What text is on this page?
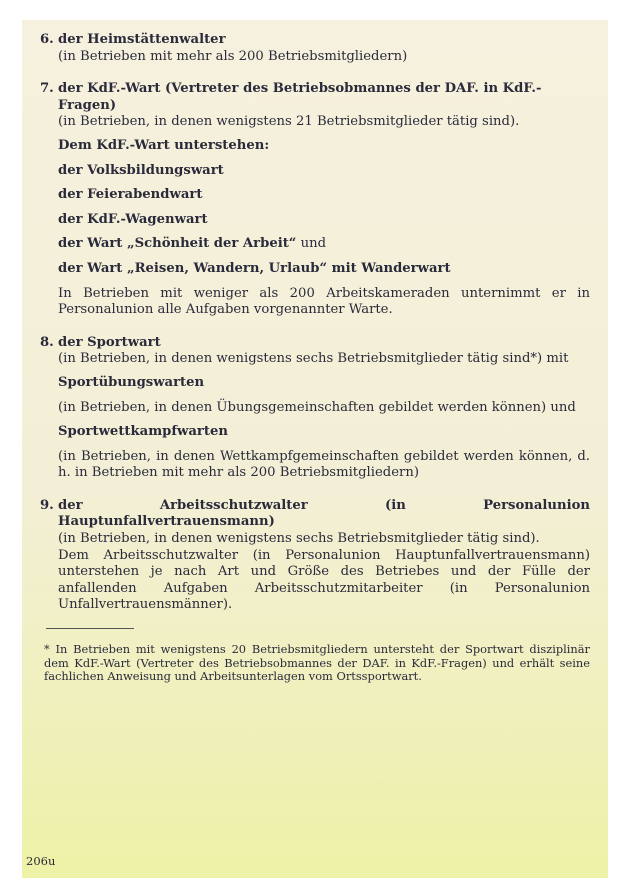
6. der Heimstättenwalter
(in Betrieben mit mehr als 200 Betriebsmitgliedern)
7. der KdF.-Wart (Vertreter des Betriebsobmannes der DAF. in KdF.-
Fragen)
(in Betrieben, in denen wenigstens 21 Betriebsmitglieder tätig sind).
Dem KdF.-Wart unterstehen:
der Volksbildungswart
der Feierabendwart
der KdF.-Wagenwart
der Wart „Schönheit der Arbeit“ und
der Wart „Reisen, Wandern, Urlaub“ mit Wanderwart
In Betrieben mit weniger als 200 Arbeitskameraden unternimmt er in Personalunion alle Aufgaben vorgenannter Warte.
8. der Sportwart
(in Betrieben, in denen wenigstens sechs Betriebsmitglieder tätig sind*) mit
Sportübungswarten
(in Betrieben, in denen Übungsgemeinschaften gebildet werden können) und
Sportwettkampfwarten
(in Betrieben, in denen Wettkampfgemeinschaften gebildet werden können, d. h. in Betrieben mit mehr als 200 Betriebsmitgliedern)
9. der Arbeitsschutzwalter (in Personalunion Hauptunfallvertrauensmann)
(in Betrieben, in denen wenigstens sechs Betriebsmitglieder tätig sind).
Dem Arbeitsschutzwalter (in Personalunion Hauptunfallvertrauensmann) unterstehen je nach Art und Größe des Betriebes und der Fülle der anfallenden Aufgaben Arbeitsschutzmitarbeiter (in Personalunion Unfallvertrauensmänner).
* In Betrieben mit wenigstens 20 Betriebsmitgliedern untersteht der Sportwart disziplinär dem KdF.-Wart (Vertreter des Betriebsobmannes der DAF. in KdF.-Fragen) und erhält seine fachlichen Anweisung und Arbeitsunterlagen vom Ortssportwart.
206u
